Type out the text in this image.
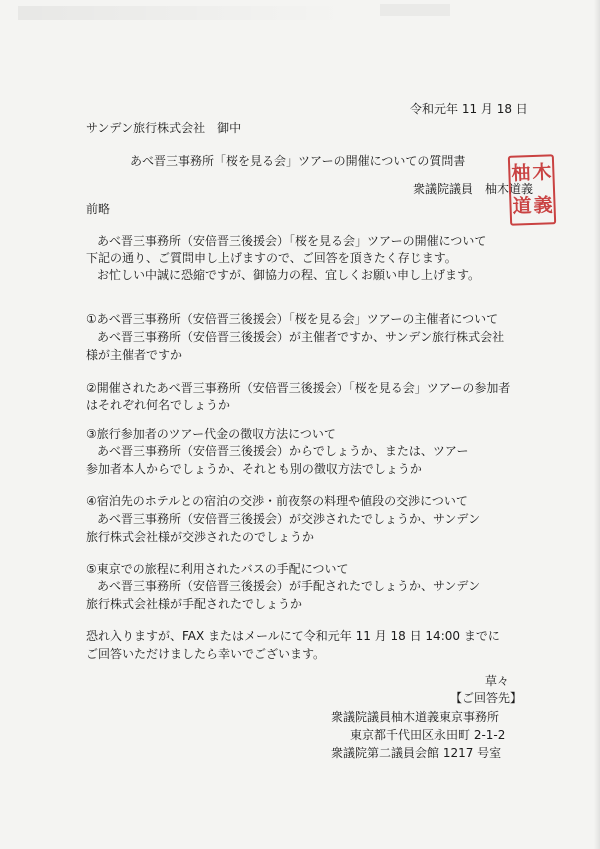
令和元年 11 月 18 日
サンデン旅行株式会社　御中
あべ晋三事務所「桜を見る会」ツアーの開催についての質問書
衆議院議員　柚木道義
柚 木
道 義
前略
あべ晋三事務所（安倍晋三後援会）「桜を見る会」ツアーの開催について
下記の通り、ご質問申し上げますので、ご回答を頂きたく存じます。
お忙しい中誠に恐縮ですが、御協力の程、宜しくお願い申し上げます。
①あべ晋三事務所（安倍晋三後援会）「桜を見る会」ツアーの主催者について
あべ晋三事務所（安倍晋三後援会）が主催者ですか、サンデン旅行株式会社
様が主催者ですか
②開催されたあべ晋三事務所（安倍晋三後援会）「桜を見る会」ツアーの参加者
はそれぞれ何名でしょうか
③旅行参加者のツアー代金の徴収方法について
あべ晋三事務所（安倍晋三後援会）からでしょうか、または、ツアー
参加者本人からでしょうか、それとも別の徴収方法でしょうか
④宿泊先のホテルとの宿泊の交渉・前夜祭の料理や値段の交渉について
あべ晋三事務所（安倍晋三後援会）が交渉されたでしょうか、サンデン
旅行株式会社様が交渉されたのでしょうか
⑤東京での旅程に利用されたバスの手配について
あべ晋三事務所（安倍晋三後援会）が手配されたでしょうか、サンデン
旅行株式会社様が手配されたでしょうか
恐れ入りますが、FAX またはメールにて令和元年 11 月 18 日 14:00 までに
ご回答いただけましたら幸いでございます。
草々
【ご回答先】
衆議院議員柚木道義東京事務所
東京都千代田区永田町 2-1-2
衆議院第二議員会館 1217 号室
